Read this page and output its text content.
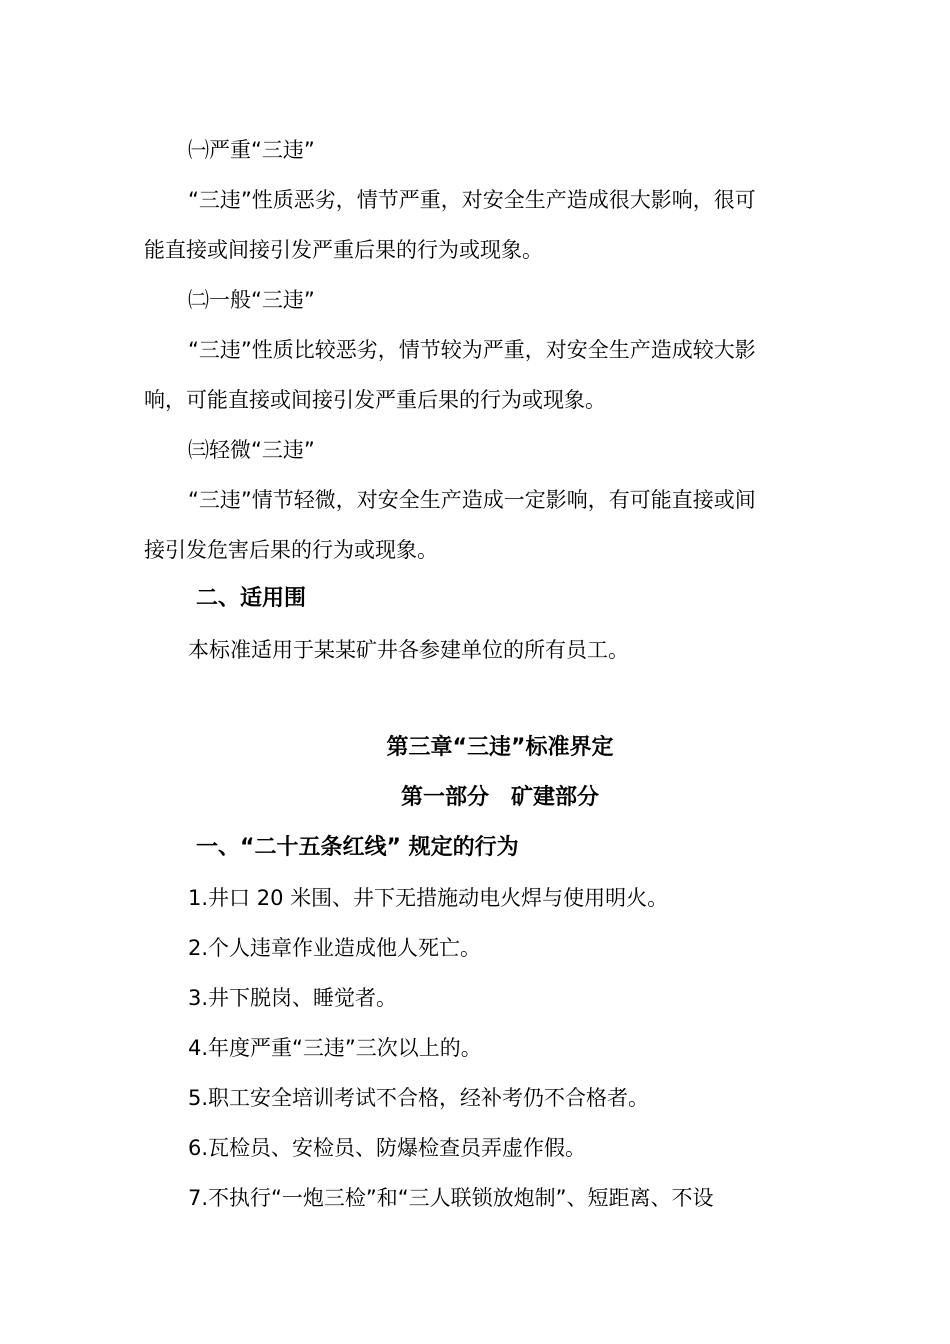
㈠严重“三违”
“三违”性质恶劣，情节严重，对安全生产造成很大影响，很可
能直接或间接引发严重后果的行为或现象。
㈡一般“三违”
“三违”性质比较恶劣，情节较为严重，对安全生产造成较大影
响，可能直接或间接引发严重后果的行为或现象。
㈢轻微“三违”
“三违”情节轻微，对安全生产造成一定影响，有可能直接或间
接引发危害后果的行为或现象。
二、适用围
本标准适用于某某矿井各参建单位的所有员工。
第三章“三违”标准界定
第一部分　矿建部分
一、“二十五条红线” 规定的行为
1.井口 20 米围、井下无措施动电火焊与使用明火。
2.个人违章作业造成他人死亡。
3.井下脱岗、睡觉者。
4.年度严重“三违”三次以上的。
5.职工安全培训考试不合格，经补考仍不合格者。
6.瓦检员、安检员、防爆检查员弄虚作假。
7.不执行“一炮三检”和“三人联锁放炮制”、短距离、不设
